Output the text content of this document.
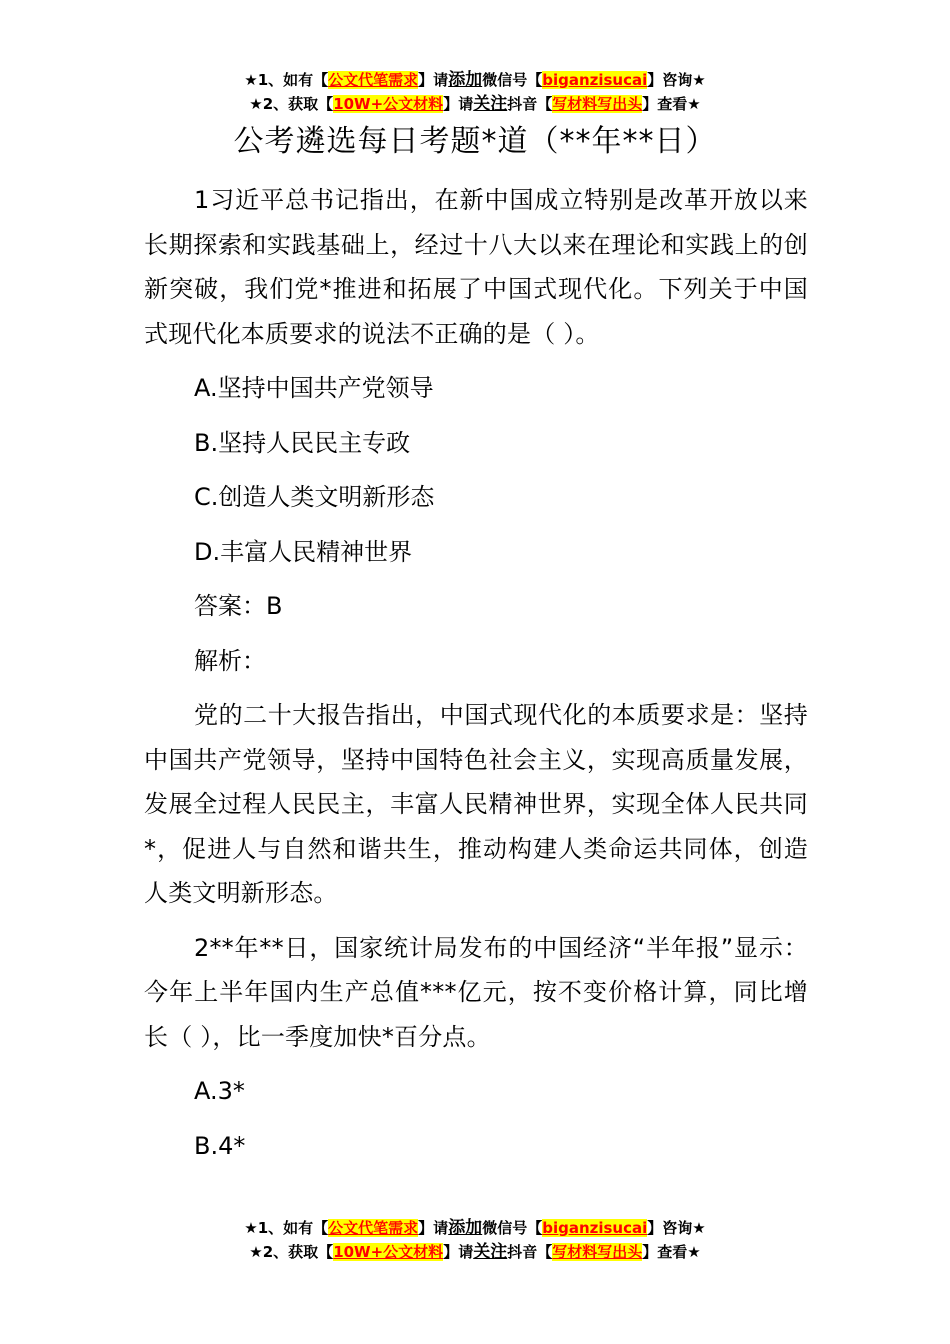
★1、如有【公文代笔需求】请添加微信号【biganzisucai】咨询★
★2、获取【10W+公文材料】请关注抖音【写材料写出头】查看★
公考遴选每日考题*道（**年**日）

1习近平总书记指出，在新中国成立特别是改革开放以来长期探索和实践基础上，经过十八大以来在理论和实践上的创新突破，我们党*推进和拓展了中国式现代化。下列关于中国式现代化本质要求的说法不正确的是（ ）。

A.坚持中国共产党领导
B.坚持人民民主专政
C.创造人类文明新形态
D.丰富人民精神世界
答案：B
解析：

党的二十大报告指出，中国式现代化的本质要求是：坚持中国共产党领导，坚持中国特色社会主义，实现高质量发展，发展全过程人民民主，丰富人民精神世界，实现全体人民共同*，促进人与自然和谐共生，推动构建人类命运共同体，创造人类文明新形态。

2**年**日，国家统计局发布的中国经济“半年报”显示：今年上半年国内生产总值***亿元，按不变价格计算，同比增长（ ），比一季度加快*百分点。

A.3*
B.4*
★1、如有【公文代笔需求】请添加微信号【biganzisucai】咨询★
★2、获取【10W+公文材料】请关注抖音【写材料写出头】查看★
